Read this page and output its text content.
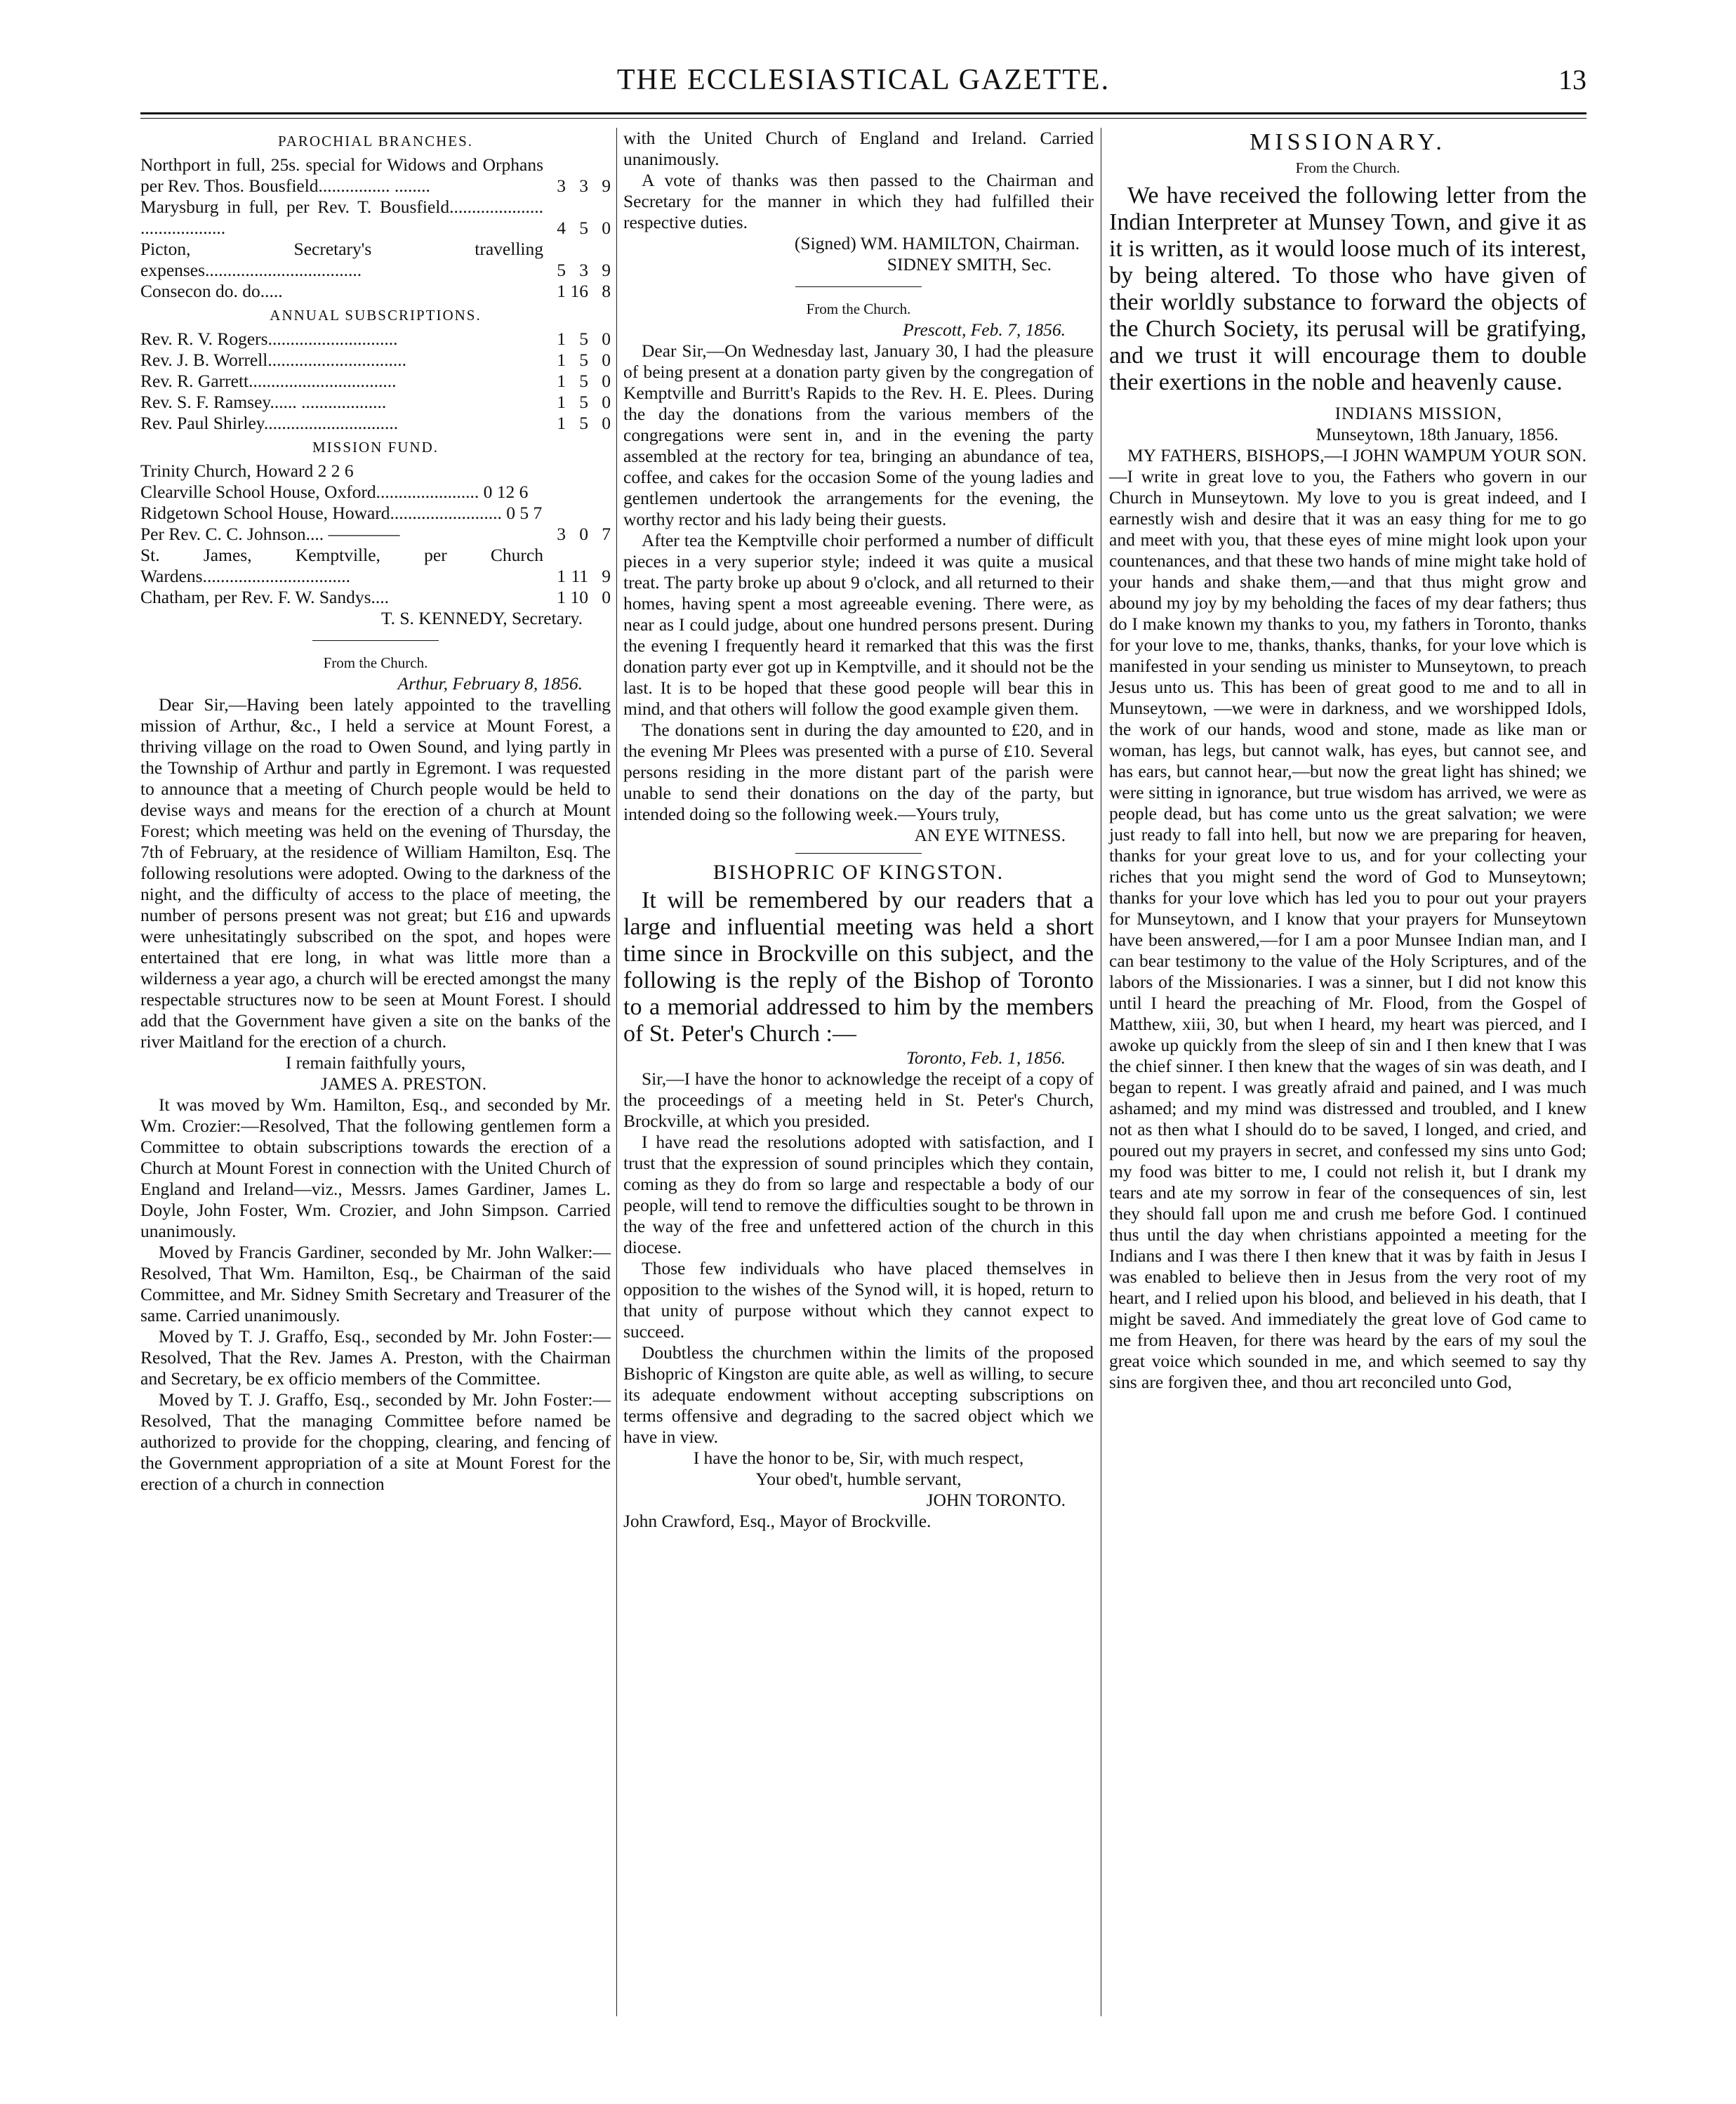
THE ECCLESIASTICAL GAZETTE.	13
PAROCHIAL BRANCHES.
Northport in full, 25s. special for Widows and Orphans per Rev. Thos. Bousfield................ ........	3	3	9
Marysburg in full, per Rev. T. Bousfield..................... ...................	4	5	0
Picton, Secretary's travelling expenses...................................	5	3	9
Consecon do. do.....	1	16	8
ANNUAL SUBSCRIPTIONS.
Rev. R. V. Rogers.............................	1	5	0
Rev. J. B. Worrell...............................	1	5	0
Rev. R. Garrett.................................	1	5	0
Rev. S. F. Ramsey...... ...................	1	5	0
Rev. Paul Shirley..............................	1	5	0
MISSION FUND.
Trinity Church, Howard 2 2 6			
Clearville School House, Oxford....................... 0 12 6			
Ridgetown School House, Howard......................... 0 5 7			
Per Rev. C. C. Johnson.... ————	3	0	7
St. James, Kemptville, per Church Wardens.................................	1	11	9
Chatham, per Rev. F. W. Sandys....	1	10	0

T. S. KENNEDY, Secretary.

From the Church.

Arthur, February 8, 1856.

Dear Sir,—Having been lately appointed to the travelling mission of Arthur, &c., I held a service at Mount Forest, a thriving village on the road to Owen Sound, and lying partly in the Township of Arthur and partly in Egremont. I was requested to announce that a meeting of Church people would be held to devise ways and means for the erection of a church at Mount Forest; which meeting was held on the evening of Thursday, the 7th of February, at the residence of William Hamilton, Esq. The following resolutions were adopted. Owing to the darkness of the night, and the difficulty of access to the place of meeting, the number of persons present was not great; but £16 and upwards were unhesitatingly subscribed on the spot, and hopes were entertained that ere long, in what was little more than a wilderness a year ago, a church will be erected amongst the many respectable structures now to be seen at Mount Forest. I should add that the Government have given a site on the banks of the river Maitland for the erection of a church.

I remain faithfully yours,

JAMES A. PRESTON.

It was moved by Wm. Hamilton, Esq., and seconded by Mr. Wm. Crozier:—Resolved, That the following gentlemen form a Committee to obtain subscriptions towards the erection of a Church at Mount Forest in connection with the United Church of England and Ireland—viz., Messrs. James Gardiner, James L. Doyle, John Foster, Wm. Crozier, and John Simpson. Carried unanimously.

Moved by Francis Gardiner, seconded by Mr. John Walker:—Resolved, That Wm. Hamilton, Esq., be Chairman of the said Committee, and Mr. Sidney Smith Secretary and Treasurer of the same. Carried unanimously.

Moved by T. J. Graffo, Esq., seconded by Mr. John Foster:—Resolved, That the Rev. James A. Preston, with the Chairman and Secretary, be ex officio members of the Committee.

Moved by T. J. Graffo, Esq., seconded by Mr. John Foster:—Resolved, That the managing Committee before named be authorized to provide for the chopping, clearing, and fencing of the Government appropriation of a site at Mount Forest for the erection of a church in connection

with the United Church of England and Ireland. Carried unanimously.

A vote of thanks was then passed to the Chairman and Secretary for the manner in which they had fulfilled their respective duties.

(Signed) WM. HAMILTON, Chairman.

SIDNEY SMITH, Sec.

From the Church.

Prescott, Feb. 7, 1856.

Dear Sir,—On Wednesday last, January 30, I had the pleasure of being present at a donation party given by the congregation of Kemptville and Burritt's Rapids to the Rev. H. E. Plees. During the day the donations from the various members of the congregations were sent in, and in the evening the party assembled at the rectory for tea, bringing an abundance of tea, coffee, and cakes for the occasion Some of the young ladies and gentlemen undertook the arrangements for the evening, the worthy rector and his lady being their guests.

After tea the Kemptville choir performed a number of difficult pieces in a very superior style; indeed it was quite a musical treat. The party broke up about 9 o'clock, and all returned to their homes, having spent a most agreeable evening. There were, as near as I could judge, about one hundred persons present. During the evening I frequently heard it remarked that this was the first donation party ever got up in Kemptville, and it should not be the last. It is to be hoped that these good people will bear this in mind, and that others will follow the good example given them.

The donations sent in during the day amounted to £20, and in the evening Mr Plees was presented with a purse of £10. Several persons residing in the more distant part of the parish were unable to send their donations on the day of the party, but intended doing so the following week.—Yours truly,

AN EYE WITNESS.

BISHOPRIC OF KINGSTON.

It will be remembered by our readers that a large and influential meeting was held a short time since in Brockville on this subject, and the following is the reply of the Bishop of Toronto to a memorial addressed to him by the members of St. Peter's Church :—

Toronto, Feb. 1, 1856.

Sir,—I have the honor to acknowledge the receipt of a copy of the proceedings of a meeting held in St. Peter's Church, Brockville, at which you presided.

I have read the resolutions adopted with satisfaction, and I trust that the expression of sound principles which they contain, coming as they do from so large and respectable a body of our people, will tend to remove the difficulties sought to be thrown in the way of the free and unfettered action of the church in this diocese.

Those few individuals who have placed themselves in opposition to the wishes of the Synod will, it is hoped, return to that unity of purpose without which they cannot expect to succeed.

Doubtless the churchmen within the limits of the proposed Bishopric of Kingston are quite able, as well as willing, to secure its adequate endowment without accepting subscriptions on terms offensive and degrading to the sacred object which we have in view.

I have the honor to be, Sir, with much respect,

Your obed't, humble servant,

JOHN TORONTO.

John Crawford, Esq., Mayor of Brockville.

MISSIONARY.

From the Church.

We have received the following letter from the Indian Interpreter at Munsey Town, and give it as it is written, as it would loose much of its interest, by being altered. To those who have given of their worldly substance to forward the objects of the Church Society, its perusal will be gratifying, and we trust it will encourage them to double their exertions in the noble and heavenly cause.

INDIANS MISSION,

Munseytown, 18th January, 1856.

MY FATHERS, BISHOPS,—I JOHN WAMPUM YOUR SON.—I write in great love to you, the Fathers who govern in our Church in Munseytown. My love to you is great indeed, and I earnestly wish and desire that it was an easy thing for me to go and meet with you, that these eyes of mine might look upon your countenances, and that these two hands of mine might take hold of your hands and shake them,—and that thus might grow and abound my joy by my beholding the faces of my dear fathers; thus do I make known my thanks to you, my fathers in Toronto, thanks for your love to me, thanks, thanks, thanks, for your love which is manifested in your sending us minister to Munseytown, to preach Jesus unto us. This has been of great good to me and to all in Munseytown, —we were in darkness, and we worshipped Idols, the work of our hands, wood and stone, made as like man or woman, has legs, but cannot walk, has eyes, but cannot see, and has ears, but cannot hear,—but now the great light has shined; we were sitting in ignorance, but true wisdom has arrived, we were as people dead, but has come unto us the great salvation; we were just ready to fall into hell, but now we are preparing for heaven, thanks for your great love to us, and for your collecting your riches that you might send the word of God to Munseytown; thanks for your love which has led you to pour out your prayers for Munseytown, and I know that your prayers for Munseytown have been answered,—for I am a poor Munsee Indian man, and I can bear testimony to the value of the Holy Scriptures, and of the labors of the Missionaries. I was a sinner, but I did not know this until I heard the preaching of Mr. Flood, from the Gospel of Matthew, xiii, 30, but when I heard, my heart was pierced, and I awoke up quickly from the sleep of sin and I then knew that I was the chief sinner. I then knew that the wages of sin was death, and I began to repent. I was greatly afraid and pained, and I was much ashamed; and my mind was distressed and troubled, and I knew not as then what I should do to be saved, I longed, and cried, and poured out my prayers in secret, and confessed my sins unto God; my food was bitter to me, I could not relish it, but I drank my tears and ate my sorrow in fear of the consequences of sin, lest they should fall upon me and crush me before God. I continued thus until the day when christians appointed a meeting for the Indians and I was there I then knew that it was by faith in Jesus I was enabled to believe then in Jesus from the very root of my heart, and I relied upon his blood, and believed in his death, that I might be saved. And immediately the great love of God came to me from Heaven, for there was heard by the ears of my soul the great voice which sounded in me, and which seemed to say thy sins are forgiven thee, and thou art reconciled unto God,
